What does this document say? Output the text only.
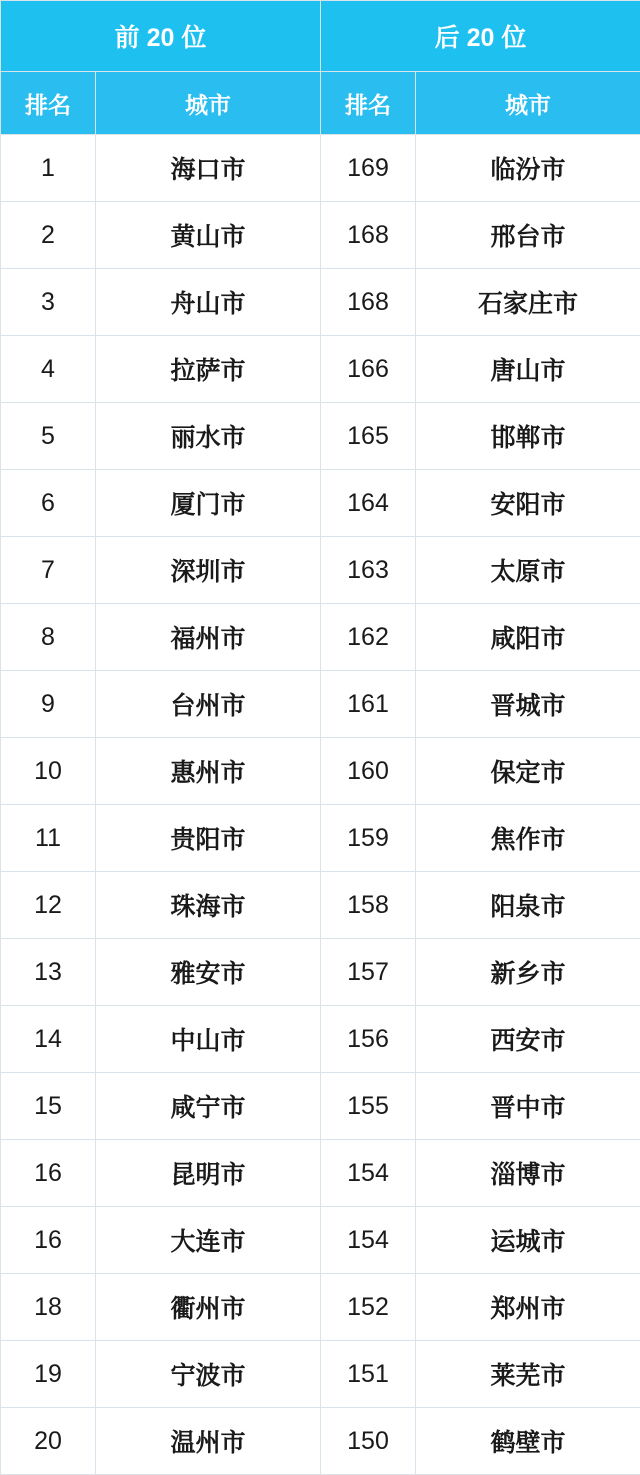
前 20 位		后 20 位	
排名	城市	排名	城市
1	海口市	169	临汾市
2	黄山市	168	邢台市
3	舟山市	168	石家庄市
4	拉萨市	166	唐山市
5	丽水市	165	邯郸市
6	厦门市	164	安阳市
7	深圳市	163	太原市
8	福州市	162	咸阳市
9	台州市	161	晋城市
10	惠州市	160	保定市
11	贵阳市	159	焦作市
12	珠海市	158	阳泉市
13	雅安市	157	新乡市
14	中山市	156	西安市
15	咸宁市	155	晋中市
16	昆明市	154	淄博市
16	大连市	154	运城市
18	衢州市	152	郑州市
19	宁波市	151	莱芜市
20	温州市	150	鹤壁市
